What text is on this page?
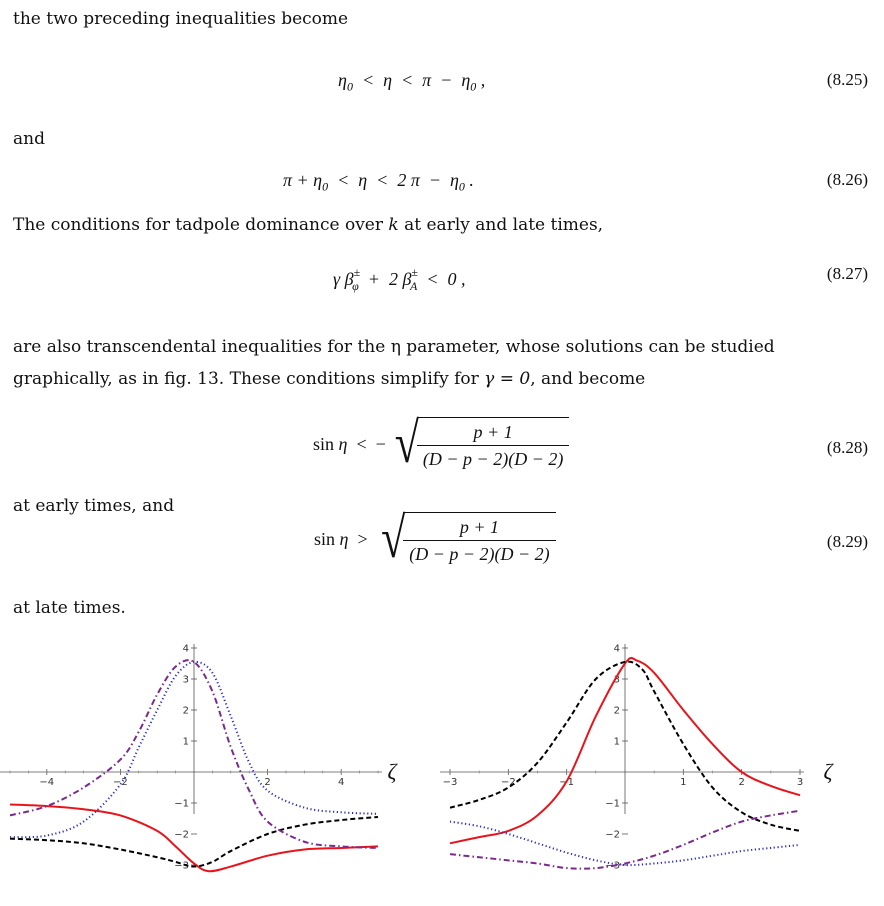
the two preceding inequalities become
$\eta_0 < \eta < \pi - \eta_0$ ,	(8.25)
and
$\pi + \eta_0 < \eta < 2$ $\pi - \eta_0$ .	(8.26)
The conditions for tadpole dominance over k at early and late times,
γ $\beta^\pm_\varphi + 2$ $\beta^\pm_A < 0$ ,	(8.27)
are also transcendental inequalities for the η parameter, whose solutions can be studied
graphically, as in fig. 13. These conditions simplify for γ = 0, and become
sin η  <  −  √
$\frac{p + 1}{(D - p - 2)(D - 2)}$	(8.28)
at early times, and
sin η  >   √
$\frac{p + 1}{(D - p - 2)(D - 2)}$	(8.29)
at late times.
−4	−2	2	4
−3
−2
−1
1
2
3
4
ζ	−3	−2	−1	1	2	3
−3
−2
−1
1
2
3
4
ζ
